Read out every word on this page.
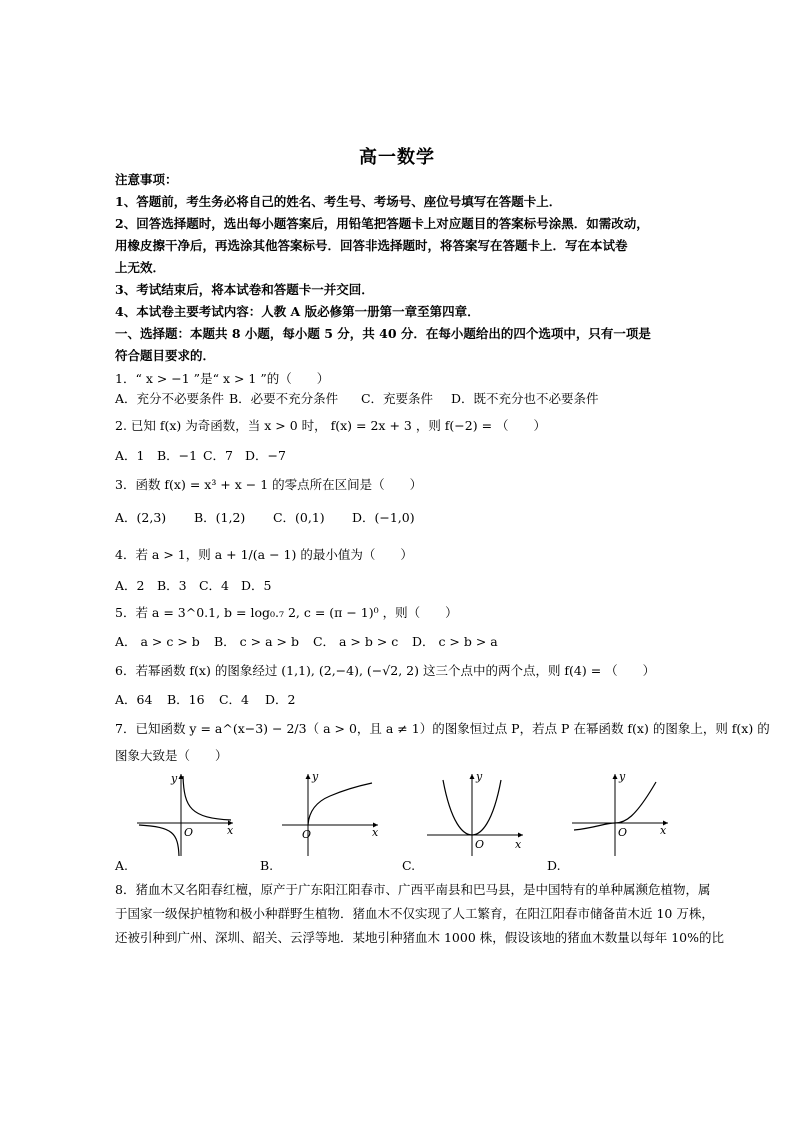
高一数学
注意事项：
1、答题前，考生务必将自己的姓名、考生号、考场号、座位号填写在答题卡上．
2、回答选择题时，选出每小题答案后，用铅笔把答题卡上对应题目的答案标号涂黑．如需改动，
用橡皮擦干净后，再选涂其他答案标号．回答非选择题时，将答案写在答题卡上．写在本试卷
上无效．
3、考试结束后，将本试卷和答题卡一并交回．
4、本试卷主要考试内容：人教 A 版必修第一册第一章至第四章．
一、选择题：本题共 8 小题，每小题 5 分，共 40 分．在每小题给出的四个选项中，只有一项是
符合题目要求的．
1．“ x > −1 ”是“ x > 1 ”的（　　）
A．充分不必要条件 B．必要不充分条件 C．充要条件 D．既不充分也不必要条件
2. 已知 f(x) 为奇函数，当 x > 0 时， f(x) = 2x + 3 ，则 f(−2) = （　　）
A．1 B．−1 C．7 D．−7
3．函数 f(x) = x³ + x − 1 的零点所在区间是（　　）
A．(2,3) B．(1,2) C．(0,1) D．(−1,0)
4．若 a > 1，则 a + 1/(a − 1) 的最小值为（　　）
A．2 B．3 C．4 D．5
5．若 a = 3^0.1, b = log₀.₇ 2, c = (π − 1)⁰ ，则（　　）
A． a > c > b B． c > a > b C． a > b > c D． c > b > a
6．若幂函数 f(x) 的图象经过 (1,1), (2,−4), (−√2, 2) 这三个点中的两个点，则 f(4) = （　　）
A．64 B．16 C．4 D．2
7．已知函数 y = a^(x−3) − 2/3（ a > 0，且 a ≠ 1）的图象恒过点 P，若点 P 在幂函数 f(x) 的图象上，则 f(x) 的
图象大致是（　　）
O	x
y
A.
O	x
y
B.
O	x
y
C.
O	x
y
D.
8．猪血木又名阳春红檀，原产于广东阳江阳春市、广西平南县和巴马县，是中国特有的单种属濒危植物，属
于国家一级保护植物和极小种群野生植物．猪血木不仅实现了人工繁育，在阳江阳春市储备苗木近 10 万株，
还被引种到广州、深圳、韶关、云浮等地．某地引种猪血木 1000 株，假设该地的猪血木数量以每年 10%的比
